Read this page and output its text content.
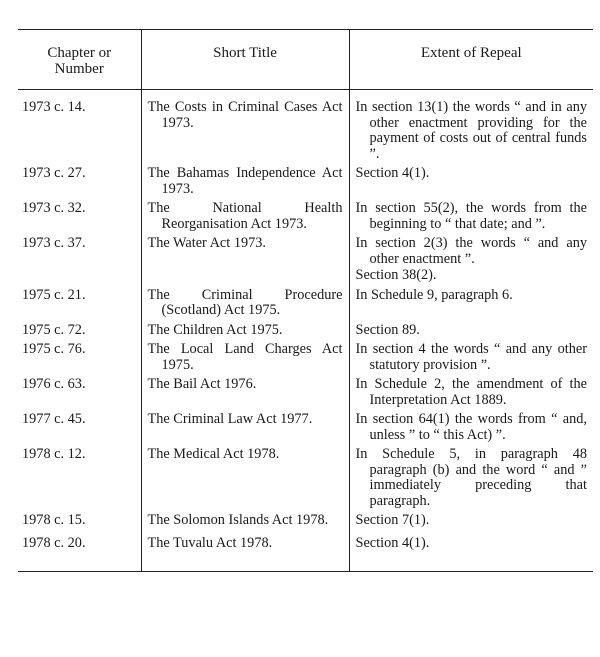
Chapter or Number	Short Title	Extent of Repeal
1973 c. 14.	The Costs in Criminal Cases Act 1973.	In section 13(1) the words “ and in any other enactment providing for the payment of costs out of central funds ”.

1973 c. 27.	The Bahamas Independence Act 1973.	Section 4(1).

1973 c. 32.	The National Health Reorganisation Act 1973.	In section 55(2), the words from the beginning to “ that date; and ”.

1973 c. 37.	The Water Act 1973.	In section 2(3) the words “ and any other enactment ”.
Section 38(2).

1975 c. 21.	The Criminal Procedure (Scotland) Act 1975.	In Schedule 9, paragraph 6.

1975 c. 72.	The Children Act 1975.	Section 89.

1975 c. 76.	The Local Land Charges Act 1975.	In section 4 the words “ and any other statutory provision ”.

1976 c. 63.	The Bail Act 1976.	In Schedule 2, the amendment of the Interpretation Act 1889.

1977 c. 45.	The Criminal Law Act 1977.	In section 64(1) the words from “ and, unless ” to “ this Act) ”.

1978 c. 12.	The Medical Act 1978.	In Schedule 5, in paragraph 48 paragraph (b) and the word “ and ” immediately preceding that paragraph.

1978 c. 15.	The Solomon Islands Act 1978.	Section 7(1).

1978 c. 20.	The Tuvalu Act 1978.	Section 4(1).
